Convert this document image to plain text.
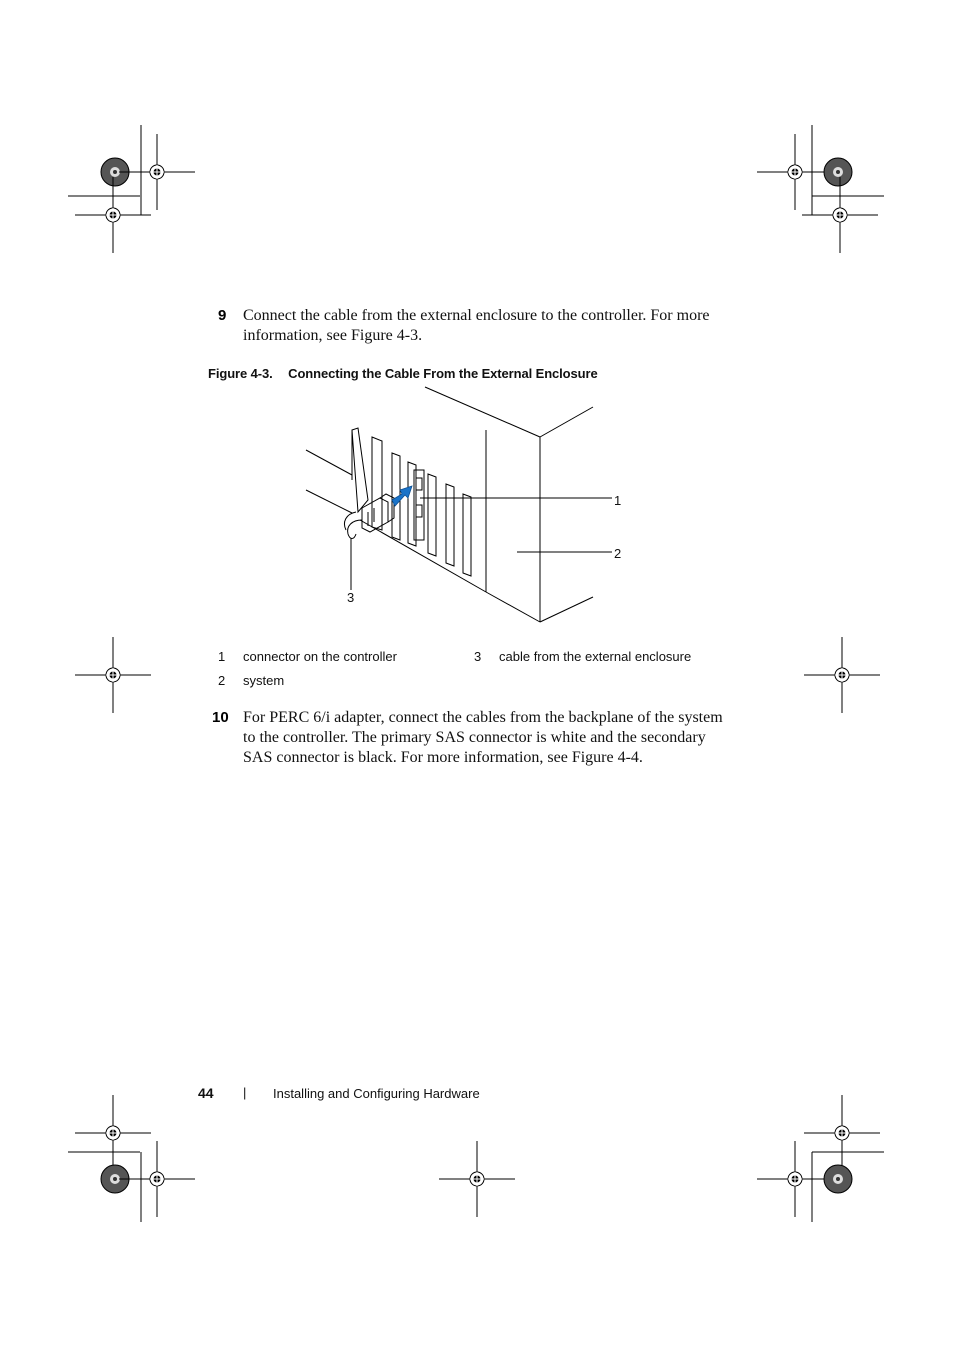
9 Connect the cable from the external enclosure to the controller. For more
information, see Figure 4-3.
Figure 4-3. Connecting the Cable From the External Enclosure
1
2
3
1 connector on the controller	3 cable from the external enclosure
2 system
10 For PERC 6/i adapter, connect the cables from the backplane of the system
to the controller. The primary SAS connector is white and the secondary
SAS connector is black. For more information, see Figure 4-4.
44 | Installing and Configuring Hardware
